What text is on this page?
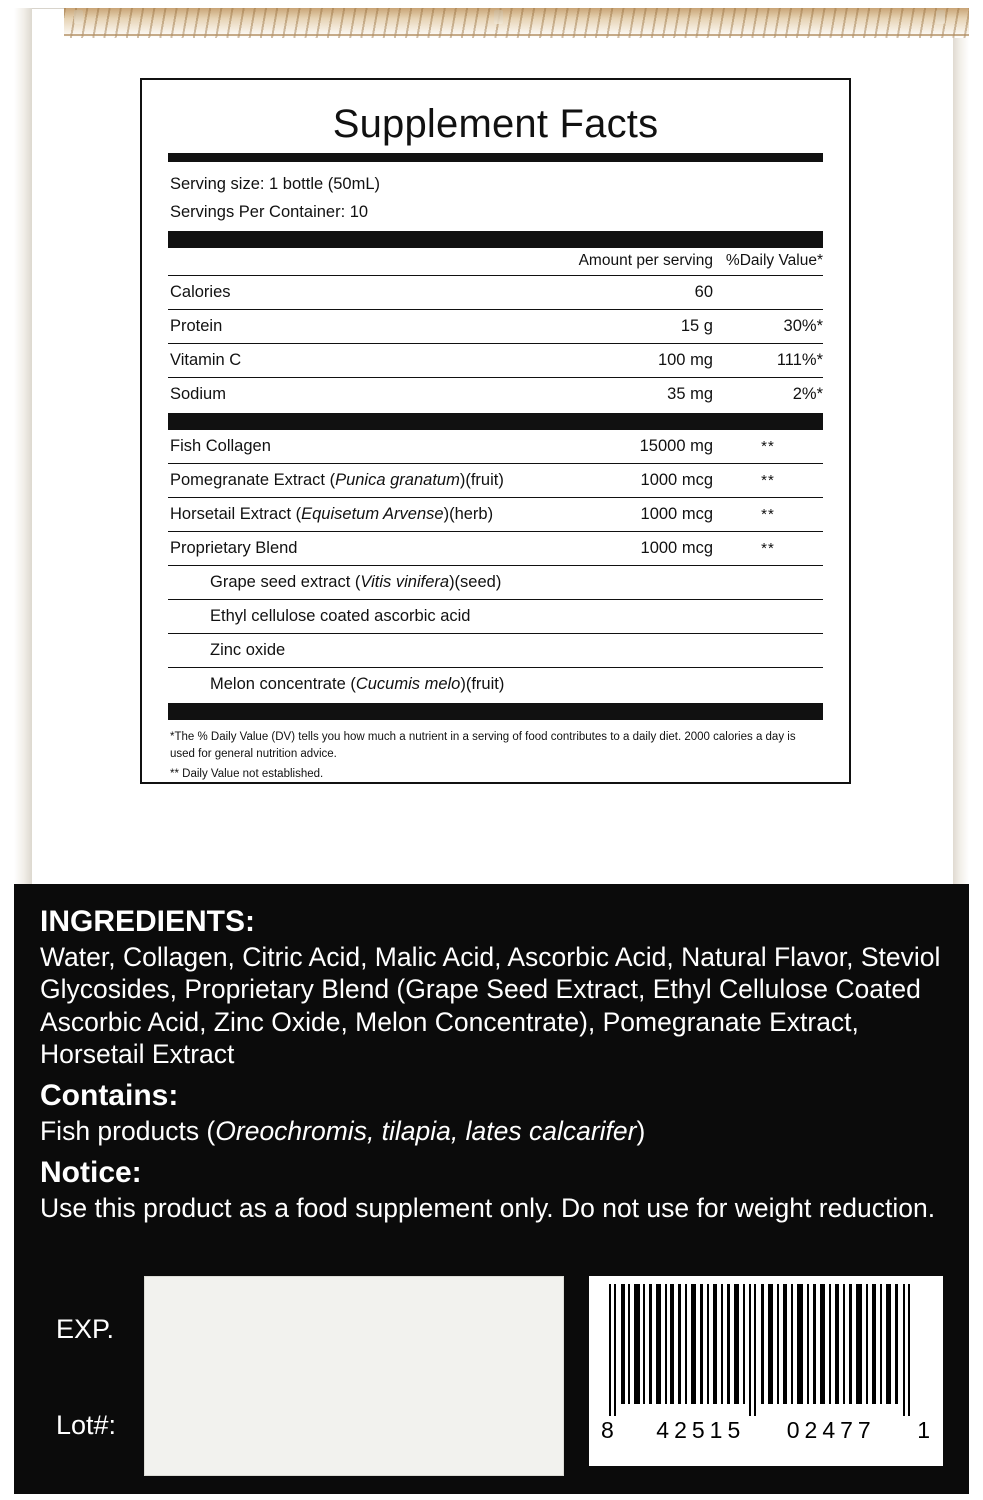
Supplement Facts
Serving size: 1 bottle (50mL)
Servings Per Container: 10
	Amount per serving	%Daily Value*
Calories	60	
Protein	15 g	30%*
Vitamin C	100 mg	111%*
Sodium	35 mg	2%*
Fish Collagen	15000 mg	**
Pomegranate Extract (Punica granatum)(fruit)	1000 mcg	**
Horsetail Extract (Equisetum Arvense)(herb)	1000 mcg	**
Proprietary Blend	1000 mcg	**
Grape seed extract (Vitis vinifera)(seed)		
Ethyl cellulose coated ascorbic acid		
Zinc oxide		
Melon concentrate (Cucumis melo)(fruit)		
*The % Daily Value (DV) tells you how much a nutrient in a serving of food contributes to a daily diet. 2000 calories a day is used for general nutrition advice.
** Daily Value not established.
INGREDIENTS:
Water, Collagen, Citric Acid, Malic Acid, Ascorbic Acid, Natural Flavor, Steviol Glycosides, Proprietary Blend (Grape Seed Extract, Ethyl Cellulose Coated Ascorbic Acid, Zinc Oxide, Melon Concentrate), Pomegranate Extract, Horsetail Extract
Contains:
Fish products (Oreochromis, tilapia, lates calcarifer)
Notice:
Use this product as a food supplement only. Do not use for weight reduction.
EXP.
Lot#:	8 42515 02477 1
